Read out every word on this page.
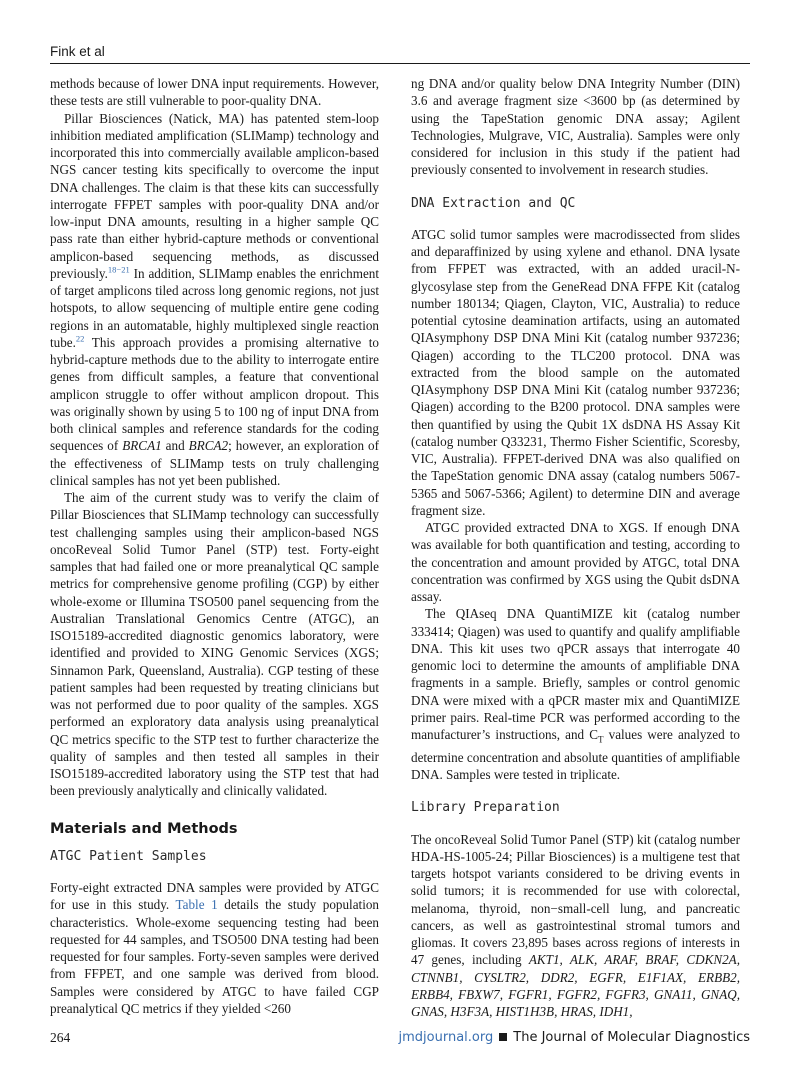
Fink et al

methods because of lower DNA input requirements. However, these tests are still vulnerable to poor-quality DNA.

Pillar Biosciences (Natick, MA) has patented stem-loop inhibition mediated amplification (SLIMamp) technology and incorporated this into commercially available amplicon-based NGS cancer testing kits specifically to overcome the input DNA challenges. The claim is that these kits can successfully interrogate FFPET samples with poor-quality DNA and/or low-input DNA amounts, resulting in a higher sample QC pass rate than either hybrid-capture methods or conventional amplicon-based sequencing methods, as discussed previously.$^{18-21}$ In addition, SLIMamp enables the enrichment of target amplicons tiled across long genomic regions, not just hotspots, to allow sequencing of multiple entire gene coding regions in an automatable, highly multiplexed single reaction tube.$^{22}$ This approach provides a promising alternative to hybrid-capture methods due to the ability to interrogate entire genes from difficult samples, a feature that conventional amplicon struggle to offer without amplicon dropout. This was originally shown by using 5 to 100 ng of input DNA from both clinical samples and reference standards for the coding sequences of BRCA1 and BRCA2; however, an exploration of the effectiveness of SLIMamp tests on truly challenging clinical samples has not yet been published.

The aim of the current study was to verify the claim of Pillar Biosciences that SLIMamp technology can successfully test challenging samples using their amplicon-based NGS oncoReveal Solid Tumor Panel (STP) test. Forty-eight samples that had failed one or more preanalytical QC sample metrics for comprehensive genome profiling (CGP) by either whole-exome or Illumina TSO500 panel sequencing from the Australian Translational Genomics Centre (ATGC), an ISO15189-accredited diagnostic genomics laboratory, were identified and provided to XING Genomic Services (XGS; Sinnamon Park, Queensland, Australia). CGP testing of these patient samples had been requested by treating clinicians but was not performed due to poor quality of the samples. XGS performed an exploratory data analysis using preanalytical QC metrics specific to the STP test to further characterize the quality of samples and then tested all samples in their ISO15189-accredited laboratory using the STP test that had been previously analytically and clinically validated.

Materials and Methods
ATGC Patient Samples

Forty-eight extracted DNA samples were provided by ATGC for use in this study. Table 1 details the study population characteristics. Whole-exome sequencing testing had been requested for 44 samples, and TSO500 DNA testing had been requested for four samples. Forty-seven samples were derived from FFPET, and one sample was derived from blood. Samples were considered by ATGC to have failed CGP preanalytical QC metrics if they yielded <260

ng DNA and/or quality below DNA Integrity Number (DIN) 3.6 and average fragment size <3600 bp (as determined by using the TapeStation genomic DNA assay; Agilent Technologies, Mulgrave, VIC, Australia). Samples were only considered for inclusion in this study if the patient had previously consented to involvement in research studies.

DNA Extraction and QC

ATGC solid tumor samples were macrodissected from slides and deparaffinized by using xylene and ethanol. DNA lysate from FFPET was extracted, with an added uracil-N-glycosylase step from the GeneRead DNA FFPE Kit (catalog number 180134; Qiagen, Clayton, VIC, Australia) to reduce potential cytosine deamination artifacts, using an automated QIAsymphony DSP DNA Mini Kit (catalog number 937236; Qiagen) according to the TLC200 protocol. DNA was extracted from the blood sample on the automated QIAsymphony DSP DNA Mini Kit (catalog number 937236; Qiagen) according to the B200 protocol. DNA samples were then quantified by using the Qubit 1X dsDNA HS Assay Kit (catalog number Q33231, Thermo Fisher Scientific, Scoresby, VIC, Australia). FFPET-derived DNA was also qualified on the TapeStation genomic DNA assay (catalog numbers 5067-5365 and 5067-5366; Agilent) to determine DIN and average fragment size.

ATGC provided extracted DNA to XGS. If enough DNA was available for both quantification and testing, according to the concentration and amount provided by ATGC, total DNA concentration was confirmed by XGS using the Qubit dsDNA assay.

The QIAseq DNA QuantiMIZE kit (catalog number 333414; Qiagen) was used to quantify and qualify amplifiable DNA. This kit uses two qPCR assays that interrogate 40 genomic loci to determine the amounts of amplifiable DNA fragments in a sample. Briefly, samples or control genomic DNA were mixed with a qPCR master mix and QuantiMIZE primer pairs. Real-time PCR was performed according to the manufacturer’s instructions, and $C_T$ values were analyzed to determine concentration and absolute quantities of amplifiable DNA. Samples were tested in triplicate.

Library Preparation

The oncoReveal Solid Tumor Panel (STP) kit (catalog number HDA-HS-1005-24; Pillar Biosciences) is a multigene test that targets hotspot variants considered to be driving events in solid tumors; it is recommended for use with colorectal, melanoma, thyroid, non−small-cell lung, and pancreatic cancers, as well as gastrointestinal stromal tumors and gliomas. It covers 23,895 bases across regions of interests in 47 genes, including AKT1, ALK, ARAF, BRAF, CDKN2A, CTNNB1, CYSLTR2, DDR2, EGFR, E1F1AX, ERBB2, ERBB4, FBXW7, FGFR1, FGFR2, FGFR3, GNA11, GNAQ, GNAS, H3F3A, HIST1H3B, HRAS, IDH1,

264	jmdjournal.org The Journal of Molecular Diagnostics
